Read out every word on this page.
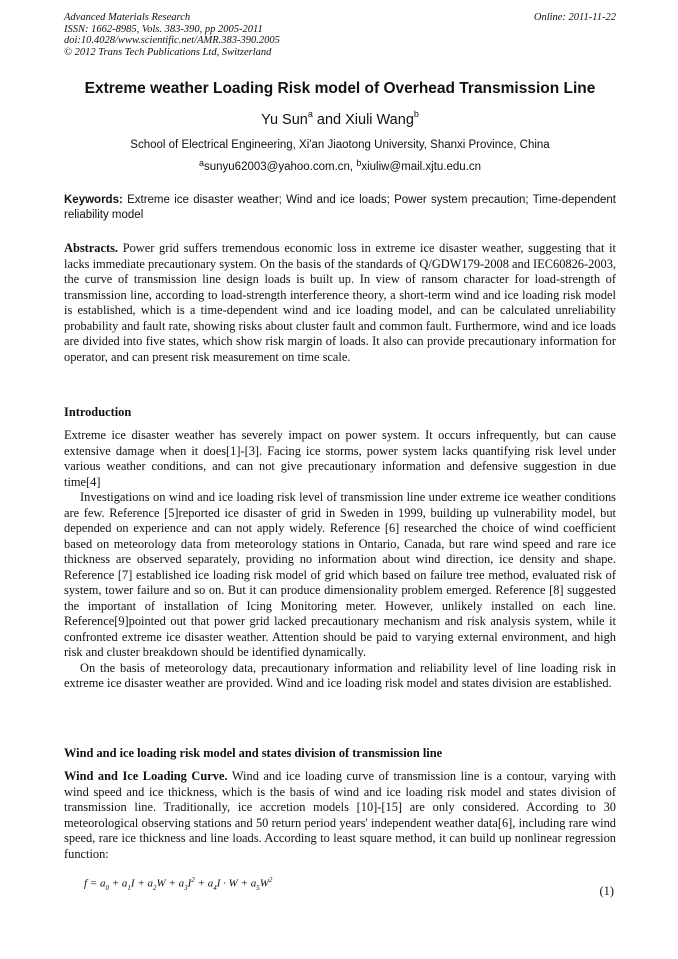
Advanced Materials Research
ISSN: 1662-8985, Vols. 383-390, pp 2005-2011
doi:10.4028/www.scientific.net/AMR.383-390.2005
© 2012 Trans Tech Publications Ltd, Switzerland
Online: 2011-11-22
Extreme weather Loading Risk model of Overhead Transmission Line
Yu Sun$^a$ and Xiuli Wang$^b$
School of Electrical Engineering, Xi'an Jiaotong University, Shanxi Province, China
$^a$sunyu62003@yahoo.com.cn, $^b$xiuliw@mail.xjtu.edu.cn
Keywords: Extreme ice disaster weather; Wind and ice loads; Power system precaution; Time-dependent reliability model
Abstracts. Power grid suffers tremendous economic loss in extreme ice disaster weather, suggesting that it lacks immediate precautionary system. On the basis of the standards of Q/GDW179-2008 and IEC60826-2003, the curve of transmission line design loads is built up. In view of ransom character for load-strength of transmission line, according to load-strength interference theory, a short-term wind and ice loading risk model is established, which is a time-dependent wind and ice loading model, and can be calculated unreliability probability and fault rate, showing risks about cluster fault and common fault. Furthermore, wind and ice loads are divided into five states, which show risk margin of loads. It also can provide precautionary information for operator, and can present risk measurement on time scale.
Introduction

Extreme ice disaster weather has severely impact on power system. It occurs infrequently, but can cause extensive damage when it does[1]-[3]. Facing ice storms, power system lacks quantifying risk level under various weather conditions, and can not give precautionary information and defensive suggestion in due time[4]

Investigations on wind and ice loading risk level of transmission line under extreme ice weather conditions are few. Reference [5]reported ice disaster of grid in Sweden in 1999, building up vulnerability model, but depended on experience and can not apply widely. Reference [6] researched the choice of wind coefficient based on meteorology data from meteorology stations in Ontario, Canada, but rare wind speed and rare ice thickness are observed separately, providing no information about wind direction, ice density and shape. Reference [7] established ice loading risk model of grid which based on failure tree method, evaluated risk of system, tower failure and so on. But it can produce dimensionality problem emerged. Reference [8] suggested the important of installation of Icing Monitoring meter. However, unlikely installed on each line. Reference[9]pointed out that power grid lacked precautionary mechanism and risk analysis system, while it confronted extreme ice disaster weather. Attention should be paid to varying external environment, and high risk and cluster breakdown should be identified dynamically.

On the basis of meteorology data, precautionary information and reliability level of line loading risk in extreme ice disaster weather are provided. Wind and ice loading risk model and states division are established.

Wind and ice loading risk model and states division of transmission line
Wind and Ice Loading Curve. Wind and ice loading curve of transmission line is a contour, varying with wind speed and ice thickness, which is the basis of wind and ice loading risk model and states division of transmission line. Traditionally, ice accretion models [10]-[15] are only considered. According to 30 meteorological observing stations and 50 return period years' independent weather data[6], including rare wind speed, rare ice thickness and line loads. According to least square method, it can build up nonlinear regression function:
$f = a_0 + a_1I + a_2W + a_3I^2 + a_4I \cdot W + a_5W^2$
(1)
